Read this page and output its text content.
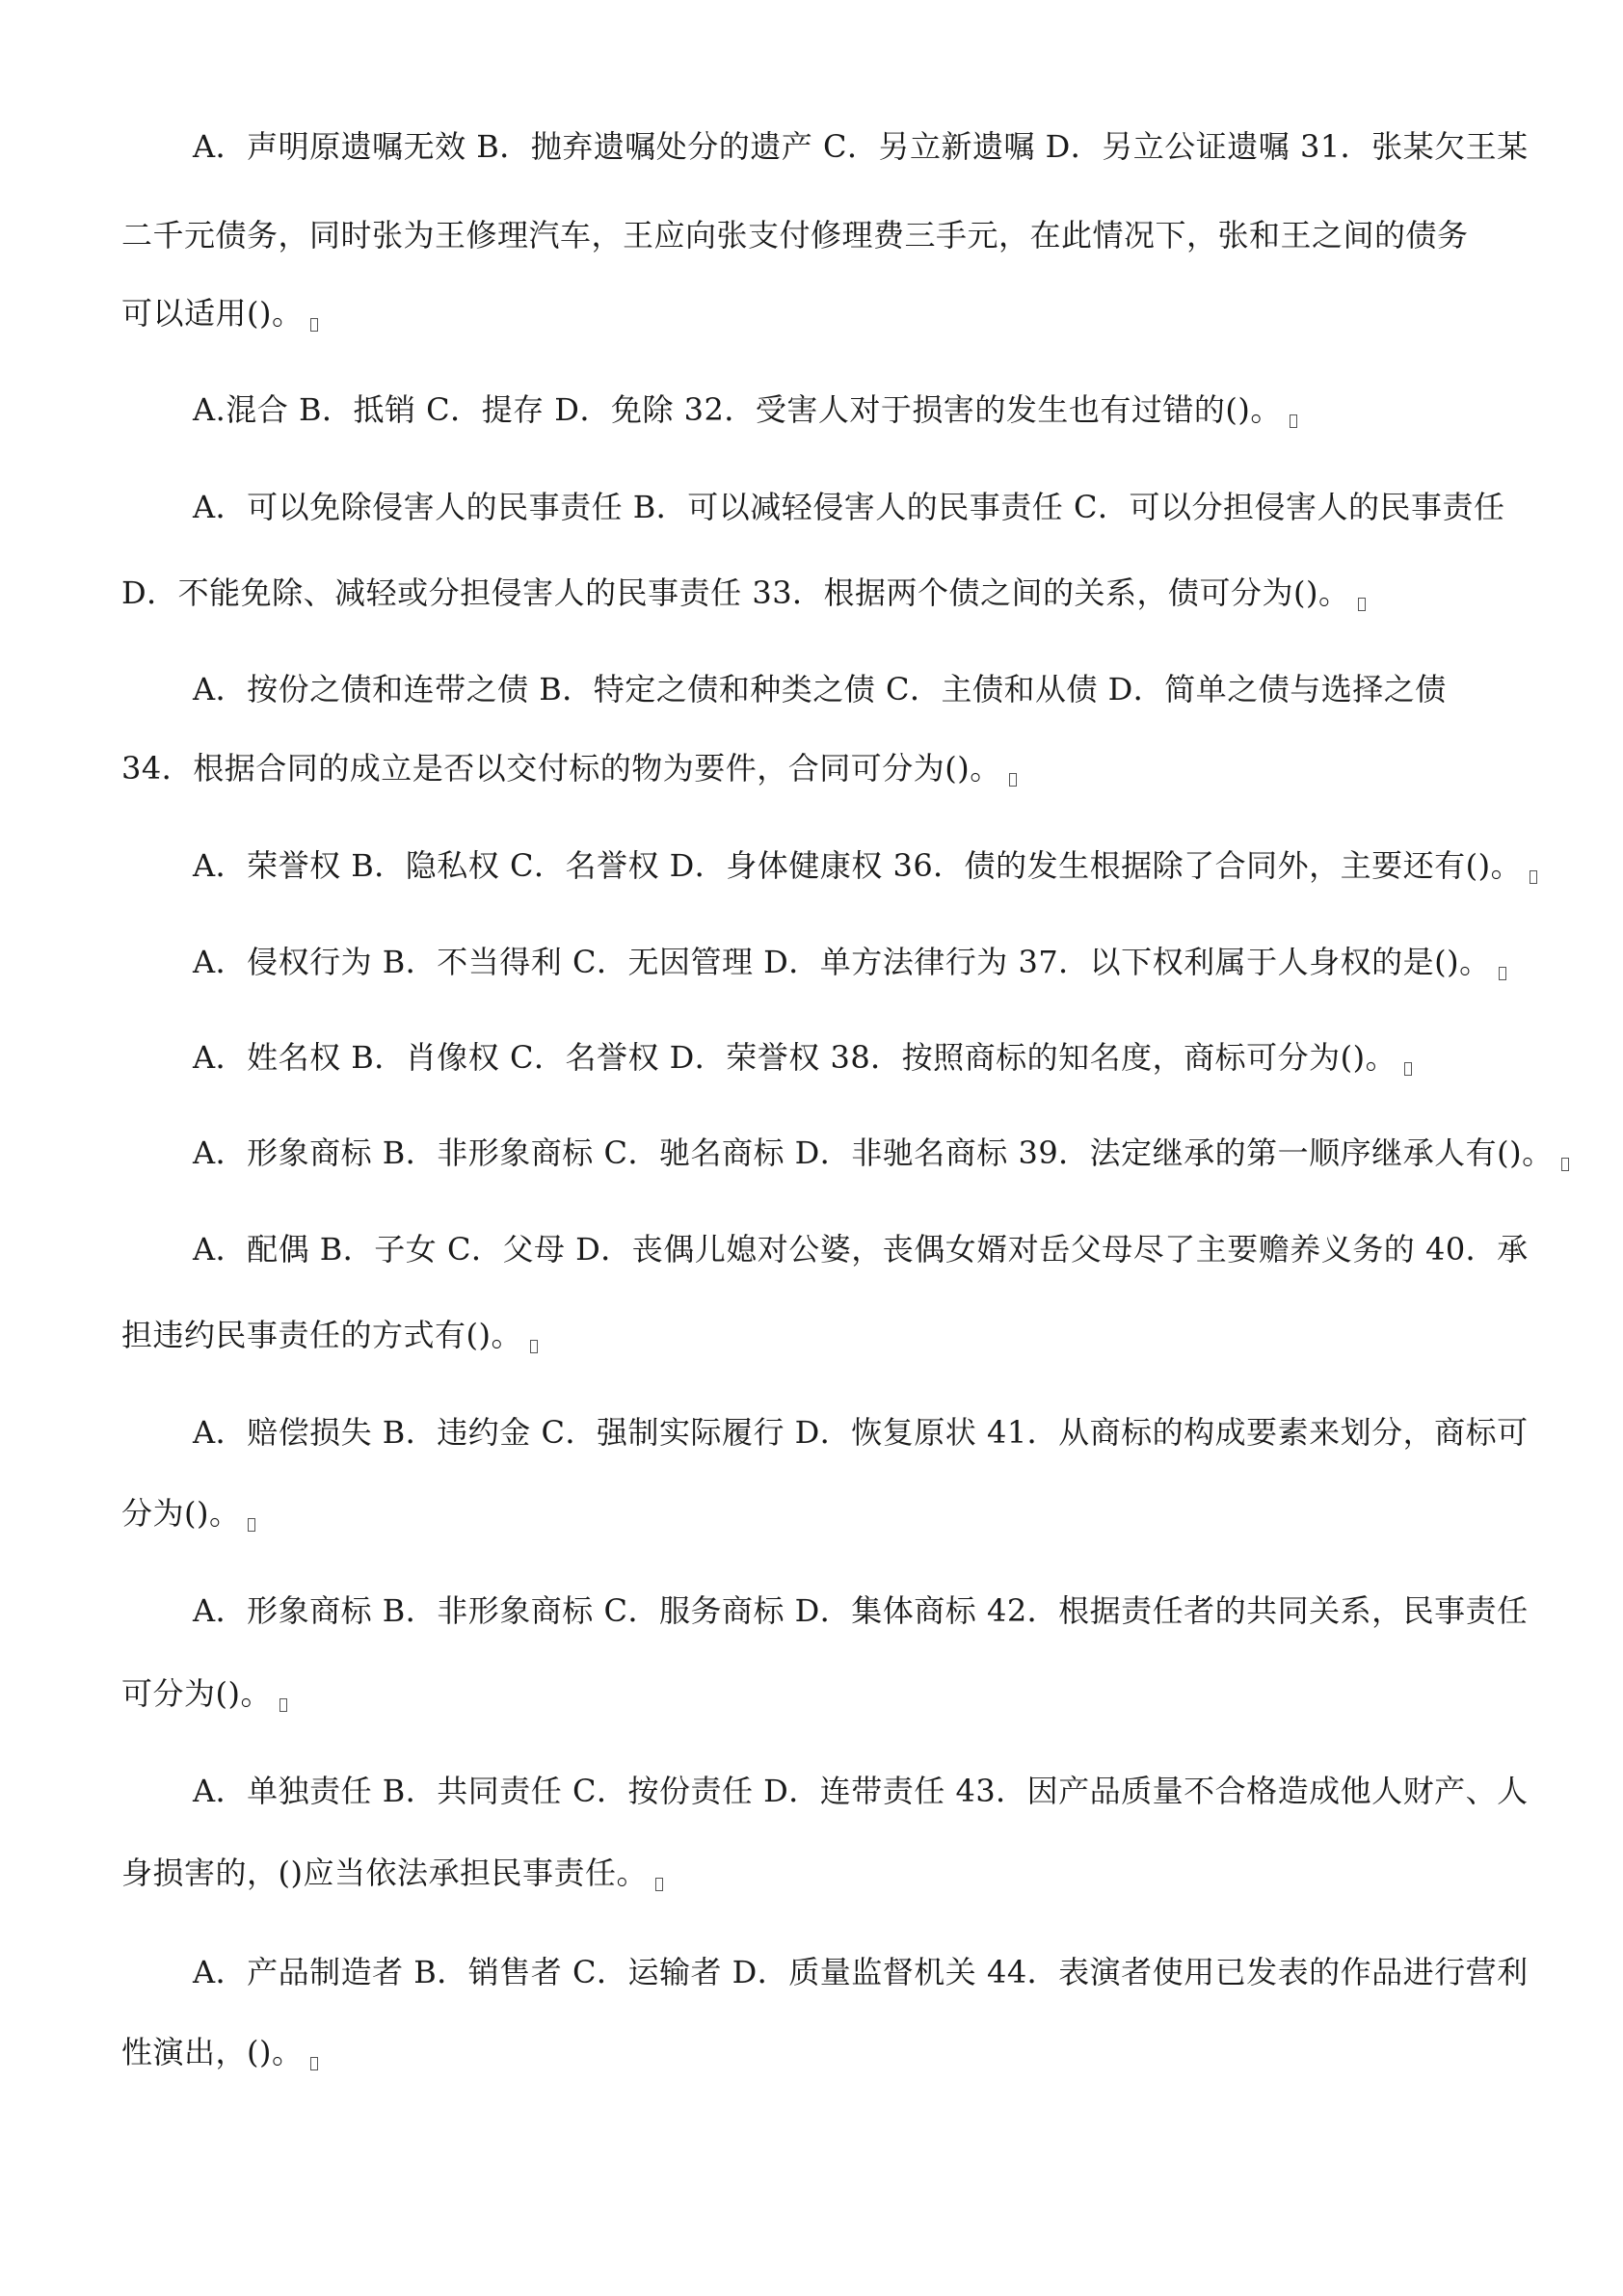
A．声明原遗嘱无效 B．抛弃遗嘱处分的遗产 C．另立新遗嘱 D．另立公证遗嘱 31．张某欠王某
二千元债务，同时张为王修理汽车，王应向张支付修理费三手元，在此情况下，张和王之间的债务
可以适用()。
A.混合 B．抵销 C．提存 D．免除 32．受害人对于损害的发生也有过错的()。
A．可以免除侵害人的民事责任 B．可以减轻侵害人的民事责任 C．可以分担侵害人的民事责任
D．不能免除、减轻或分担侵害人的民事责任 33．根据两个债之间的关系，债可分为()。
A．按份之债和连带之债 B．特定之债和种类之债 C．主债和从债 D．简单之债与选择之债
34．根据合同的成立是否以交付标的物为要件，合同可分为()。
A．荣誉权 B．隐私权 C．名誉权 D．身体健康权 36．债的发生根据除了合同外，主要还有()。
A．侵权行为 B．不当得利 C．无因管理 D．单方法律行为 37．以下权利属于人身权的是()。
A．姓名权 B．肖像权 C．名誉权 D．荣誉权 38．按照商标的知名度，商标可分为()。
A．形象商标 B．非形象商标 C．驰名商标 D．非驰名商标 39．法定继承的第一顺序继承人有()。
A．配偶 B．子女 C．父母 D．丧偶儿媳对公婆，丧偶女婿对岳父母尽了主要赡养义务的 40．承
担违约民事责任的方式有()。
A．赔偿损失 B．违约金 C．强制实际履行 D．恢复原状 41．从商标的构成要素来划分，商标可
分为()。
A．形象商标 B．非形象商标 C．服务商标 D．集体商标 42．根据责任者的共同关系，民事责任
可分为()。
A．单独责任 B．共同责任 C．按份责任 D．连带责任 43．因产品质量不合格造成他人财产、人
身损害的，()应当依法承担民事责任。
A．产品制造者 B．销售者 C．运输者 D．质量监督机关 44．表演者使用已发表的作品进行营利
性演出，()。
